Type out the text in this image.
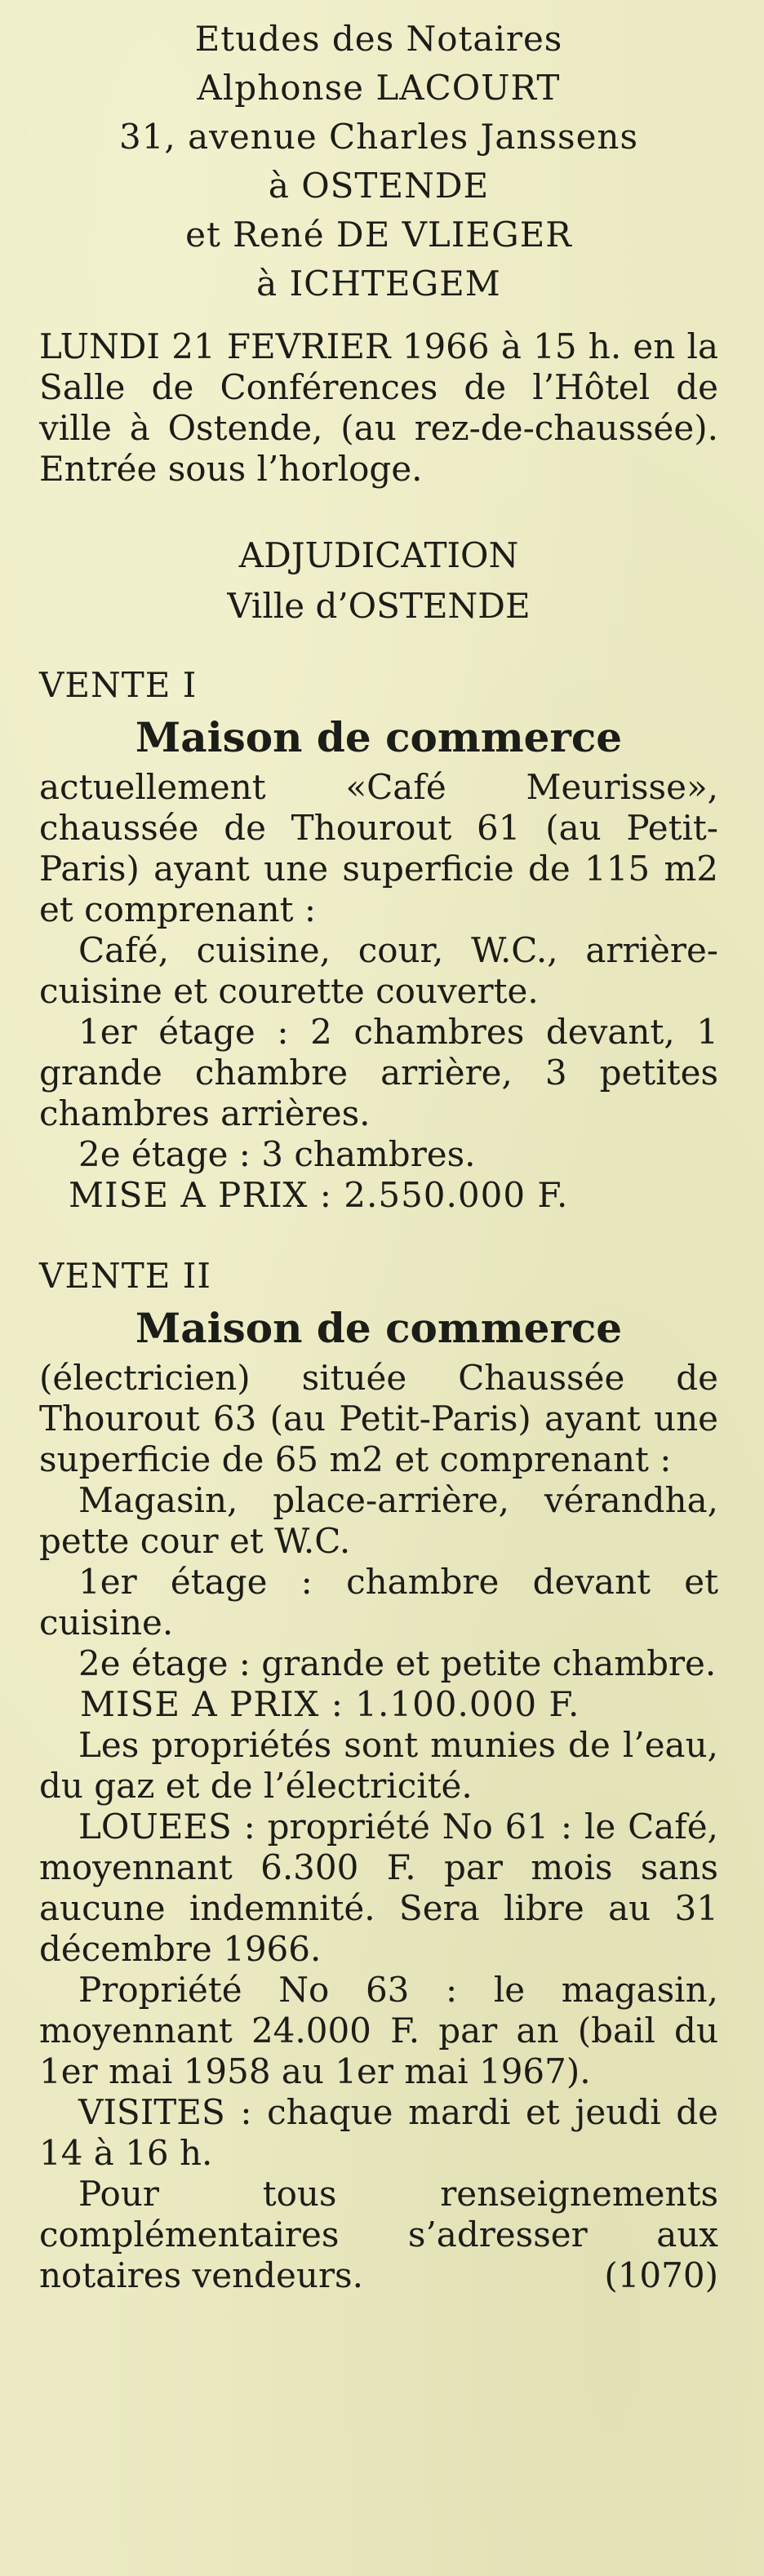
Etudes des Notaires
Alphonse LACOURT
31, avenue Charles Janssens
à OSTENDE
et René DE VLIEGER
à ICHTEGEM
LUNDI 21 FEVRIER 1966 à 15 h. en la Salle de Conférences de l’Hôtel de ville à Ostende, (au rez-de-chaussée). Entrée sous l’horloge.
ADJUDICATION
Ville d’OSTENDE
VENTE I
Maison de commerce
actuellement «Café Meurisse», chaussée de Thourout 61 (au Petit-Paris) ayant une superficie de 115 m2 et comprenant :
Café, cuisine, cour, W.C., arrière-cuisine et courette couverte.
1er étage : 2 chambres devant, 1 grande chambre arrière, 3 petites chambres arrières.
2e étage : 3 chambres.
MISE A PRIX : 2.550.000 F.
VENTE II
Maison de commerce
(électricien) située Chaussée de Thourout 63 (au Petit-Paris) ayant une superficie de 65 m2 et comprenant :
Magasin, place-arrière, vérandha, pette cour et W.C.
1er étage : chambre devant et cuisine.
2e étage : grande et petite chambre.
MISE A PRIX : 1.100.000 F.
Les propriétés sont munies de l’eau, du gaz et de l’électricité.
LOUEES : propriété No 61 : le Café, moyennant 6.300 F. par mois sans aucune indemnité. Sera libre au 31 décembre 1966.
Propriété No 63 : le magasin, moyennant 24.000 F. par an (bail du 1er mai 1958 au 1er mai 1967).
VISITES : chaque mardi et jeudi de 14 à 16 h.
Pour tous renseignements complémentaires s’adresser aux notaires vendeurs.	(1070)
